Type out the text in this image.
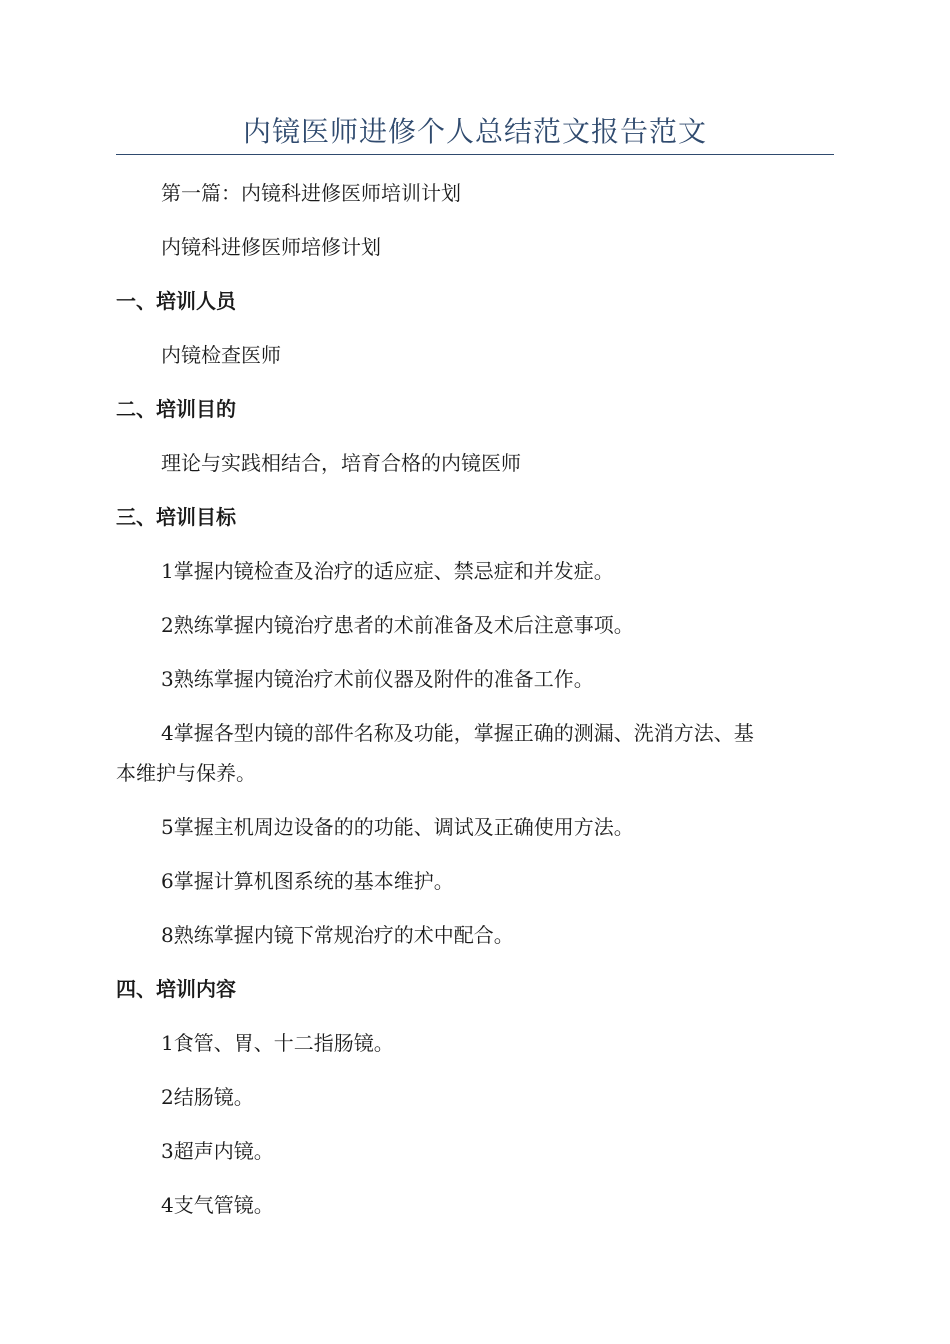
内镜医师进修个人总结范文报告范文

第一篇：内镜科进修医师培训计划

内镜科进修医师培修计划

一、培训人员

内镜检查医师

二、培训目的

理论与实践相结合，培育合格的内镜医师

三、培训目标

1掌握内镜检查及治疗的适应症、禁忌症和并发症。

2熟练掌握内镜治疗患者的术前准备及术后注意事项。

3熟练掌握内镜治疗术前仪器及附件的准备工作。

4掌握各型内镜的部件名称及功能，掌握正确的测漏、洗消方法、基

本维护与保养。

5掌握主机周边设备的的功能、调试及正确使用方法。

6掌握计算机图系统的基本维护。

8熟练掌握内镜下常规治疗的术中配合。

四、培训内容

1食管、胃、十二指肠镜。

2结肠镜。

3超声内镜。

4支气管镜。
